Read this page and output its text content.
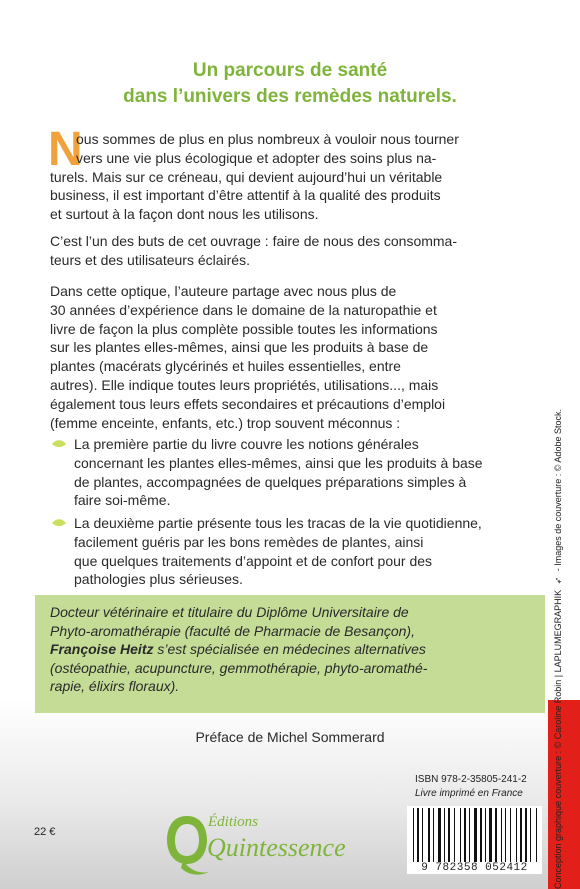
Un parcours de santé
dans l’univers des remèdes naturels.
N
ous sommes de plus en plus nombreux à vouloir nous tourner
vers une vie plus écologique et adopter des soins plus na-
turels. Mais sur ce créneau, qui devient aujourd’hui un véritable
business, il est important d’être attentif à la qualité des produits
et surtout à la façon dont nous les utilisons.
C’est l’un des buts de cet ouvrage : faire de nous des consomma-
teurs et des utilisateurs éclairés.
Dans cette optique, l’auteure partage avec nous plus de
30 années d’expérience dans le domaine de la naturopathie et
livre de façon la plus complète possible toutes les informations
sur les plantes elles-mêmes, ainsi que les produits à base de
plantes (macérats glycérinés et huiles essentielles, entre
autres). Elle indique toutes leurs propriétés, utilisations..., mais
également tous leurs effets secondaires et précautions d’emploi
(femme enceinte, enfants, etc.) trop souvent méconnus :
La première partie du livre couvre les notions générales
concernant les plantes elles-mêmes, ainsi que les produits à base
de plantes, accompagnées de quelques préparations simples à
faire soi-même.
La deuxième partie présente tous les tracas de la vie quotidienne,
facilement guéris par les bons remèdes de plantes, ainsi
que quelques traitements d’appoint et de confort pour des
pathologies plus sérieuses.
Docteur vétérinaire et titulaire du Diplôme Universitaire de
Phyto-aromathérapie (faculté de Pharmacie de Besançon),
Françoise Heitz s’est spécialisée en médecines alternatives
(ostéopathie, acupuncture, gemmothérapie, phyto-aromathé-
rapie, élixirs floraux).
Préface de Michel Sommerard	Conception graphique couverture : © Caroline Robin | LAPLUMEGRAPHIK ➶ - Images de couverture : © Adobe Stock.
ISBN 978-2-35805-241-2
Livre imprimé en France
9 782358 052412
22 €
Éditions
Quintessence
